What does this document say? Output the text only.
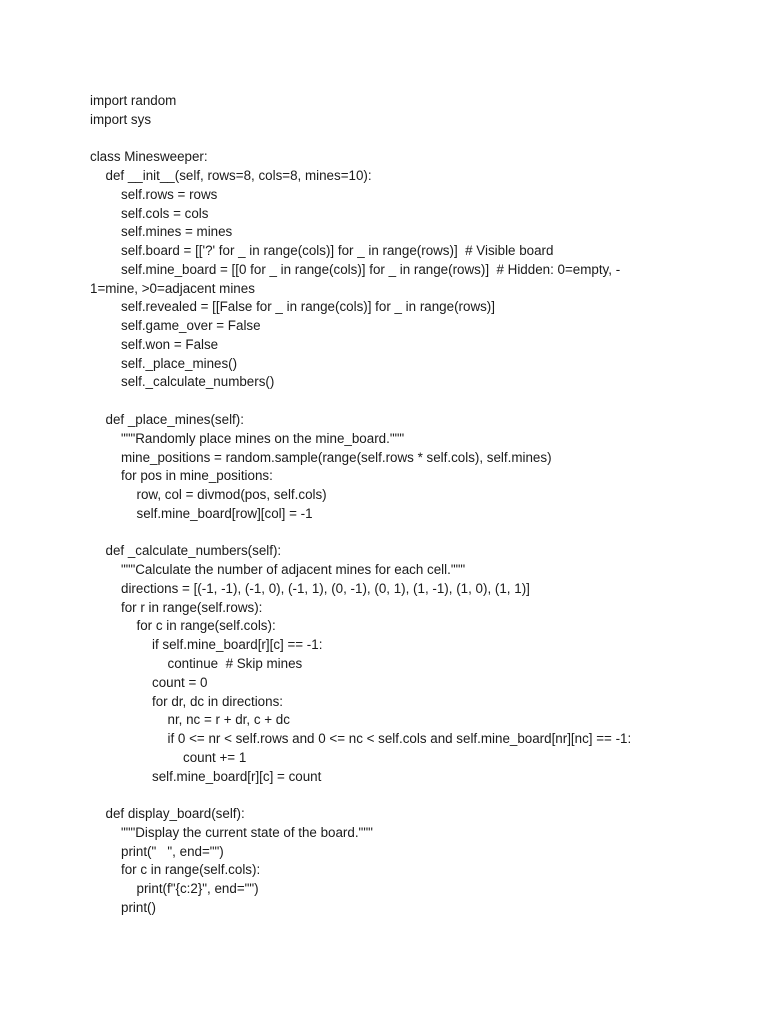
import random
import sys
class Minesweeper:
def __init__(self, rows=8, cols=8, mines=10):
self.rows = rows
self.cols = cols
self.mines = mines
self.board = [['?' for _ in range(cols)] for _ in range(rows)]  # Visible board
self.mine_board = [[0 for _ in range(cols)] for _ in range(rows)]  # Hidden: 0=empty, -
1=mine, >0=adjacent mines
self.revealed = [[False for _ in range(cols)] for _ in range(rows)]
self.game_over = False
self.won = False
self._place_mines()
self._calculate_numbers()
def _place_mines(self):
"""Randomly place mines on the mine_board."""
mine_positions = random.sample(range(self.rows * self.cols), self.mines)
for pos in mine_positions:
row, col = divmod(pos, self.cols)
self.mine_board[row][col] = -1
def _calculate_numbers(self):
"""Calculate the number of adjacent mines for each cell."""
directions = [(-1, -1), (-1, 0), (-1, 1), (0, -1), (0, 1), (1, -1), (1, 0), (1, 1)]
for r in range(self.rows):
for c in range(self.cols):
if self.mine_board[r][c] == -1:
continue  # Skip mines
count = 0
for dr, dc in directions:
nr, nc = r + dr, c + dc
if 0 <= nr < self.rows and 0 <= nc < self.cols and self.mine_board[nr][nc] == -1:
count += 1
self.mine_board[r][c] = count
def display_board(self):
"""Display the current state of the board."""
print("   ", end="")
for c in range(self.cols):
print(f"{c:2}", end="")
print()
